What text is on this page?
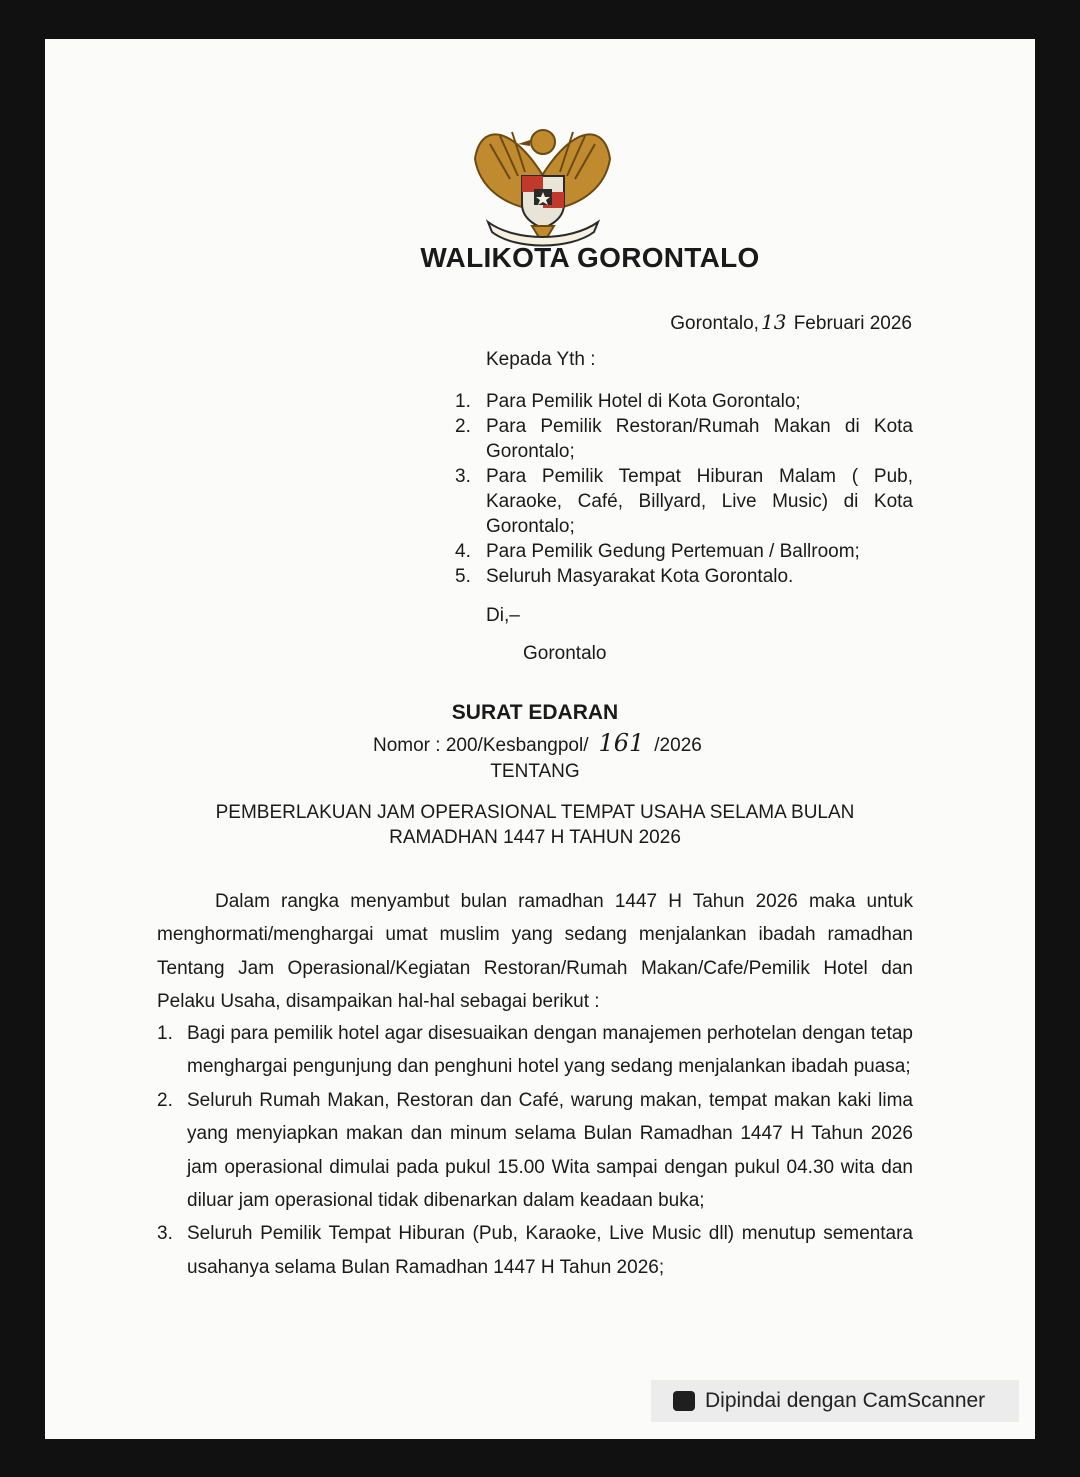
WALIKOTA GORONTALO
Gorontalo, 13 Februari 2026
Kepada Yth :
1. Para Pemilik Hotel di Kota Gorontalo;
2. Para Pemilik Restoran/Rumah Makan di Kota Gorontalo;
3. Para Pemilik Tempat Hiburan Malam ( Pub, Karaoke, Café, Billyard, Live Music) di Kota Gorontalo;
4. Para Pemilik Gedung Pertemuan / Ballroom;
5. Seluruh Masyarakat Kota Gorontalo.
Di,–
Gorontalo
SURAT EDARAN
Nomor : 200/Kesbangpol/ 161 /2026
TENTANG
PEMBERLAKUAN JAM OPERASIONAL TEMPAT USAHA SELAMA BULAN
RAMADHAN 1447 H TAHUN 2026

Dalam rangka menyambut bulan ramadhan 1447 H Tahun 2026 maka untuk menghormati/menghargai umat muslim yang sedang menjalankan ibadah ramadhan Tentang Jam Operasional/Kegiatan Restoran/Rumah Makan/Cafe/Pemilik Hotel dan Pelaku Usaha, disampaikan hal-hal sebagai berikut :

1. Bagi para pemilik hotel agar disesuaikan dengan manajemen perhotelan dengan tetap menghargai pengunjung dan penghuni hotel yang sedang menjalankan ibadah puasa;
2. Seluruh Rumah Makan, Restoran dan Café, warung makan, tempat makan kaki lima yang menyiapkan makan dan minum selama Bulan Ramadhan 1447 H Tahun 2026 jam operasional dimulai pada pukul 15.00 Wita sampai dengan pukul 04.30 wita dan diluar jam operasional tidak dibenarkan dalam keadaan buka;
3. Seluruh Pemilik Tempat Hiburan (Pub, Karaoke, Live Music dll) menutup sementara usahanya selama Bulan Ramadhan 1447 H Tahun 2026;
Dipindai dengan CamScanner
